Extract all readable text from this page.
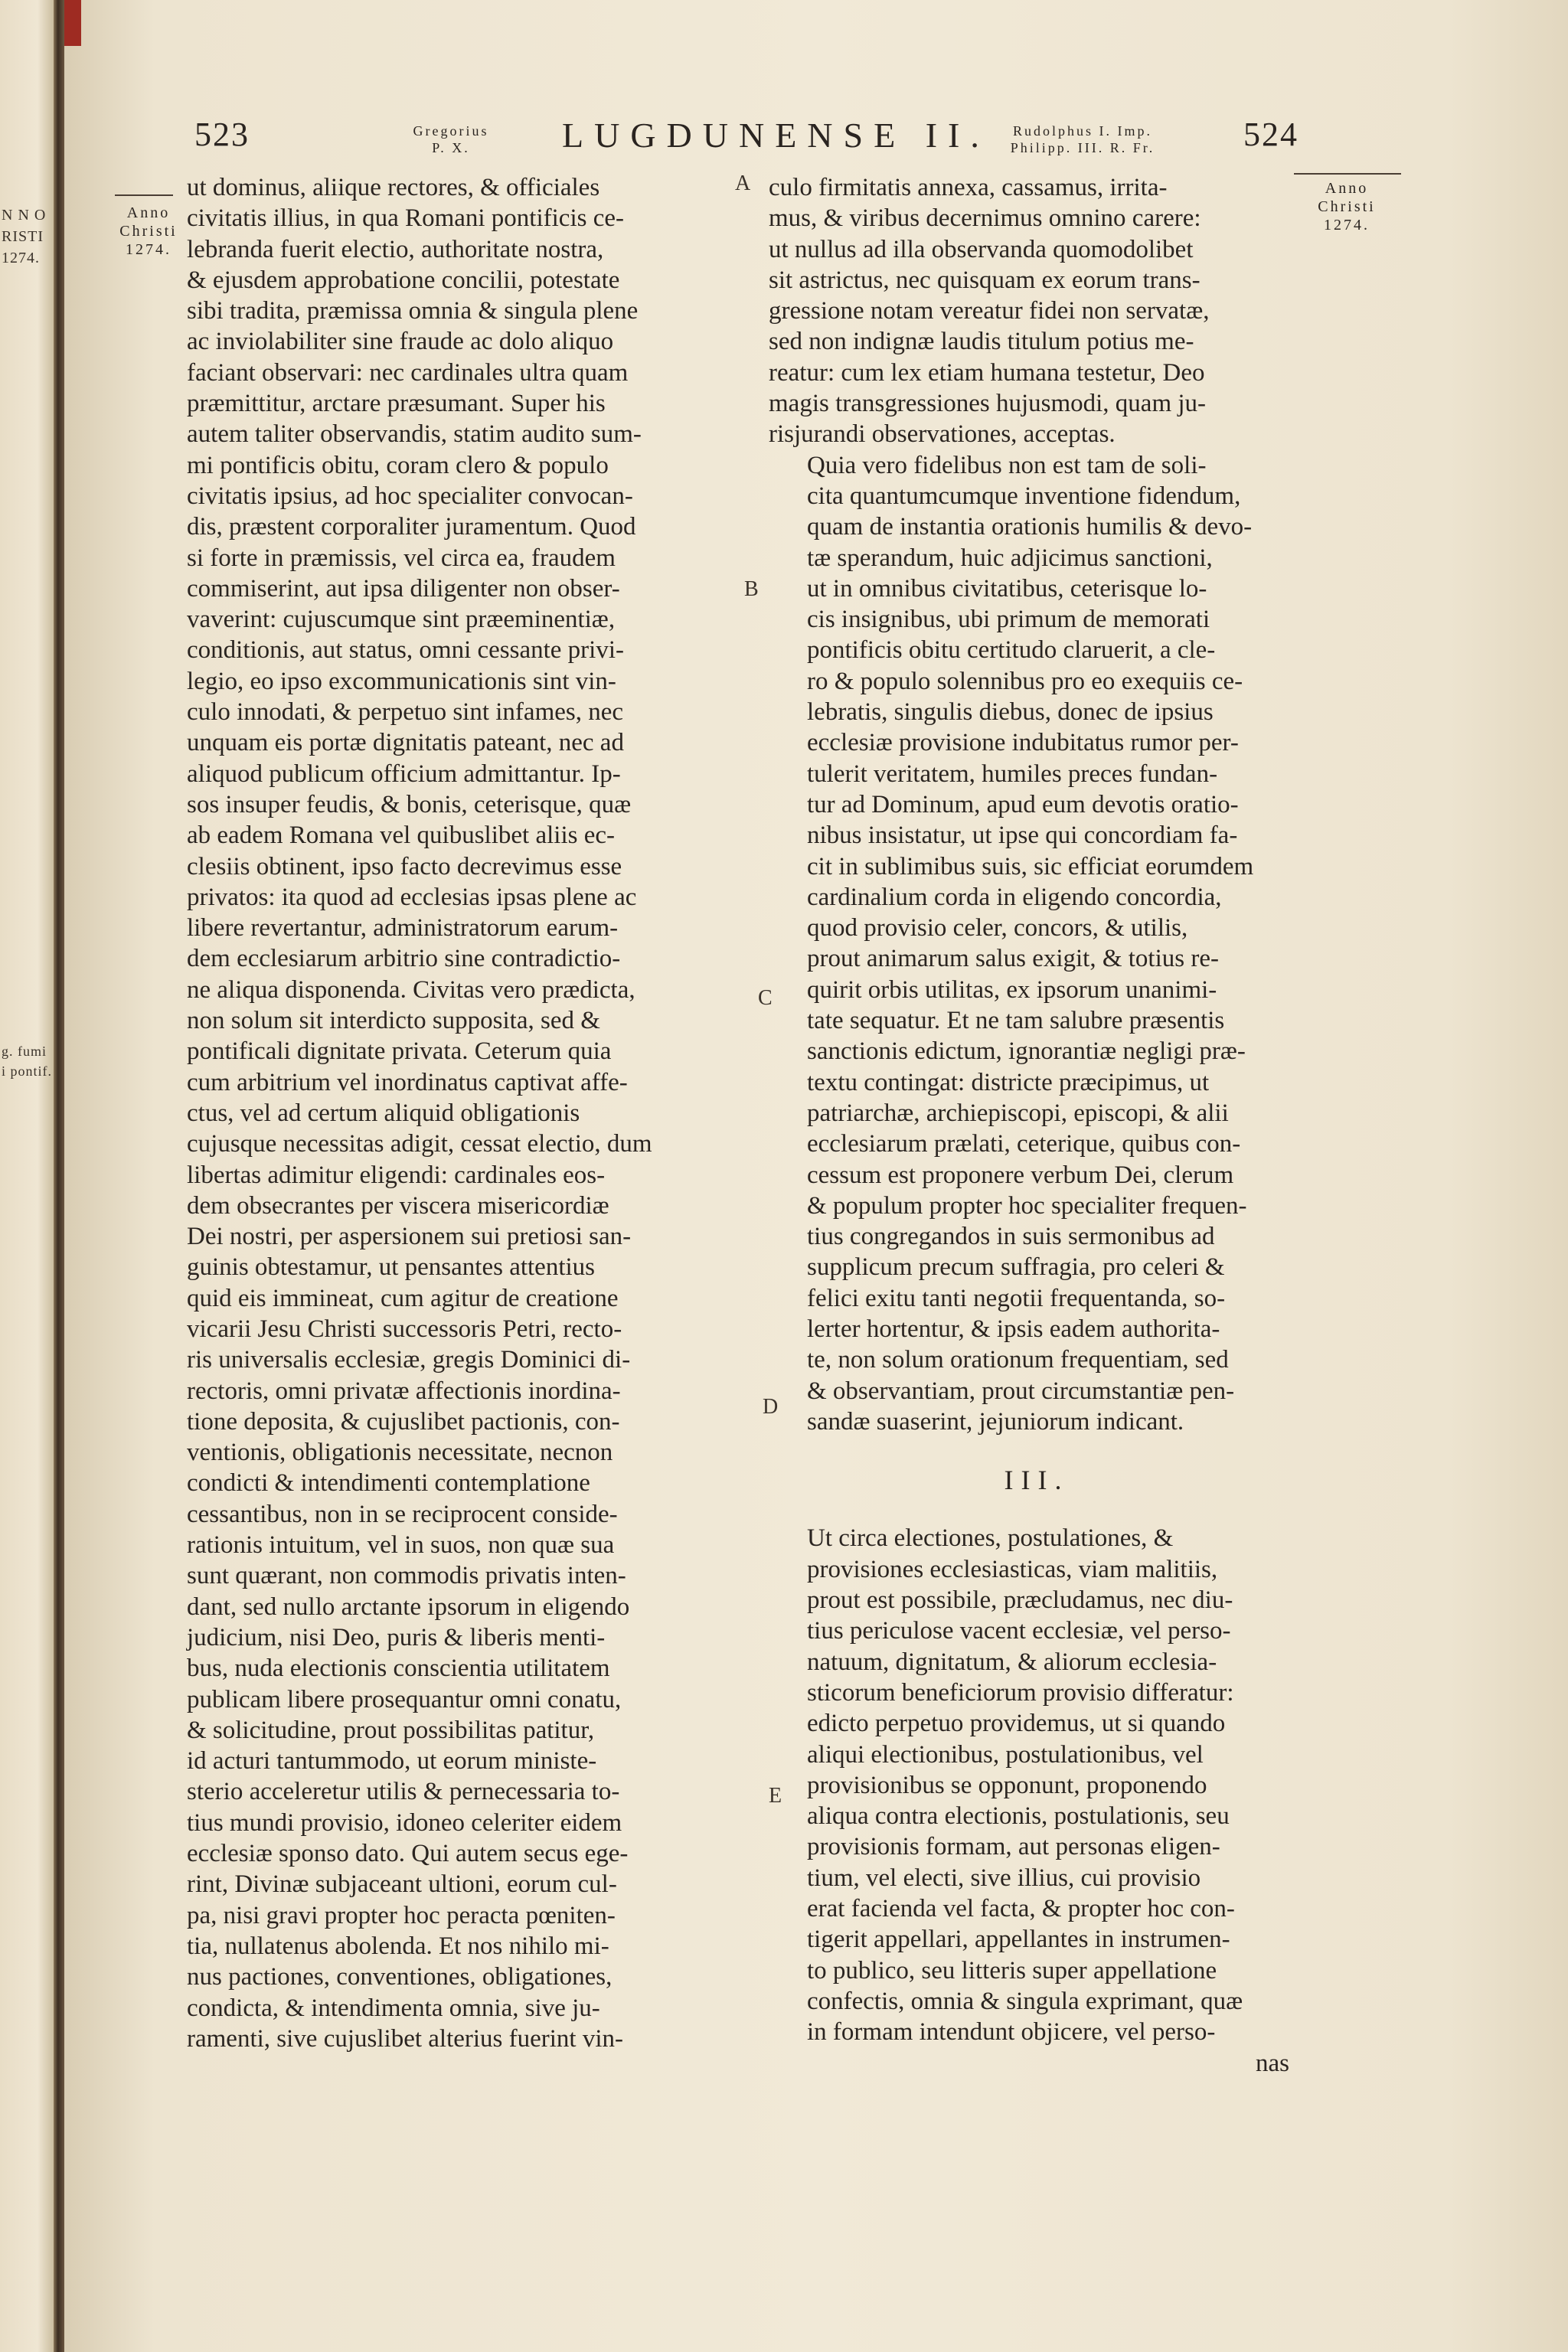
N N O
RISTI
1274.
g. fumi
i pontif.
523	Gregorius
P. X.	LUGDUNENSE II.	Rudolphus I. Imp.
Philipp. III. R. Fr.	524
Anno
Christi
1274.
Anno
Christi
1274.
A
B
C
D
E
ut dominus, aliique rectores, & officiales
civitatis illius, in qua Romani pontificis ce-
lebranda fuerit electio, authoritate nostra,
& ejusdem approbatione concilii, potestate
sibi tradita, præmissa omnia & singula plene
ac inviolabiliter sine fraude ac dolo aliquo
faciant observari: nec cardinales ultra quam
præmittitur, arctare præsumant. Super his
autem taliter observandis, statim audito sum-
mi pontificis obitu, coram clero & populo
civitatis ipsius, ad hoc specialiter convocan-
dis, præstent corporaliter juramentum. Quod
si forte in præmissis, vel circa ea, fraudem
commiserint, aut ipsa diligenter non obser-
vaverint: cujuscumque sint præeminentiæ,
conditionis, aut status, omni cessante privi-
legio, eo ipso excommunicationis sint vin-
culo innodati, & perpetuo sint infames, nec
unquam eis portæ dignitatis pateant, nec ad
aliquod publicum officium admittantur. Ip-
sos insuper feudis, & bonis, ceterisque, quæ
ab eadem Romana vel quibuslibet aliis ec-
clesiis obtinent, ipso facto decrevimus esse
privatos: ita quod ad ecclesias ipsas plene ac
libere revertantur, administratorum earum-
dem ecclesiarum arbitrio sine contradictio-
ne aliqua disponenda. Civitas vero prædicta,
non solum sit interdicto supposita, sed &
pontificali dignitate privata. Ceterum quia
cum arbitrium vel inordinatus captivat affe-
ctus, vel ad certum aliquid obligationis
cujusque necessitas adigit, cessat electio, dum
libertas adimitur eligendi: cardinales eos-
dem obsecrantes per viscera misericordiæ
Dei nostri, per aspersionem sui pretiosi san-
guinis obtestamur, ut pensantes attentius
quid eis immineat, cum agitur de creatione
vicarii Jesu Christi successoris Petri, recto-
ris universalis ecclesiæ, gregis Dominici di-
rectoris, omni privatæ affectionis inordina-
tione deposita, & cujuslibet pactionis, con-
ventionis, obligationis necessitate, necnon
condicti & intendimenti contemplatione
cessantibus, non in se reciprocent conside-
rationis intuitum, vel in suos, non quæ sua
sunt quærant, non commodis privatis inten-
dant, sed nullo arctante ipsorum in eligendo
judicium, nisi Deo, puris & liberis menti-
bus, nuda electionis conscientia utilitatem
publicam libere prosequantur omni conatu,
& solicitudine, prout possibilitas patitur,
id acturi tantummodo, ut eorum ministe-
sterio acceleretur utilis & pernecessaria to-
tius mundi provisio, idoneo celeriter eidem
ecclesiæ sponso dato. Qui autem secus ege-
rint, Divinæ subjaceant ultioni, eorum cul-
pa, nisi gravi propter hoc peracta pœniten-
tia, nullatenus abolenda. Et nos nihilo mi-
nus pactiones, conventiones, obligationes,
condicta, & intendimenta omnia, sive ju-
ramenti, sive cujuslibet alterius fuerint vin-

culo firmitatis annexa, cassamus, irrita-
mus, & viribus decernimus omnino carere:
ut nullus ad illa observanda quomodolibet
sit astrictus, nec quisquam ex eorum trans-
gressione notam vereatur fidei non servatæ,
sed non indignæ laudis titulum potius me-
reatur: cum lex etiam humana testetur, Deo
magis transgressiones hujusmodi, quam ju-
risjurandi observationes, acceptas.

Quia vero fidelibus non est tam de soli-
cita quantumcumque inventione fidendum,
quam de instantia orationis humilis & devo-
tæ sperandum, huic adjicimus sanctioni,
ut in omnibus civitatibus, ceterisque lo-
cis insignibus, ubi primum de memorati
pontificis obitu certitudo claruerit, a cle-
ro & populo solennibus pro eo exequiis ce-
lebratis, singulis diebus, donec de ipsius
ecclesiæ provisione indubitatus rumor per-
tulerit veritatem, humiles preces fundan-
tur ad Dominum, apud eum devotis oratio-
nibus insistatur, ut ipse qui concordiam fa-
cit in sublimibus suis, sic efficiat eorumdem
cardinalium corda in eligendo concordia,
quod provisio celer, concors, & utilis,
prout animarum salus exigit, & totius re-
quirit orbis utilitas, ex ipsorum unanimi-
tate sequatur. Et ne tam salubre præsentis
sanctionis edictum, ignorantiæ negligi præ-
textu contingat: districte præcipimus, ut
patriarchæ, archiepiscopi, episcopi, & alii
ecclesiarum prælati, ceterique, quibus con-
cessum est proponere verbum Dei, clerum
& populum propter hoc specialiter frequen-
tius congregandos in suis sermonibus ad
supplicum precum suffragia, pro celeri &
felici exitu tanti negotii frequentanda, so-
lerter hortentur, & ipsis eadem authorita-
te, non solum orationum frequentiam, sed
& observantiam, prout circumstantiæ pen-
sandæ suaserint, jejuniorum indicant.

III.

Ut circa electiones, postulationes, &
provisiones ecclesiasticas, viam malitiis,
prout est possibile, præcludamus, nec diu-
tius periculose vacent ecclesiæ, vel perso-
natuum, dignitatum, & aliorum ecclesia-
sticorum beneficiorum provisio differatur:
edicto perpetuo providemus, ut si quando
aliqui electionibus, postulationibus, vel
provisionibus se opponunt, proponendo
aliqua contra electionis, postulationis, seu
provisionis formam, aut personas eligen-
tium, vel electi, sive illius, cui provisio
erat facienda vel facta, & propter hoc con-
tigerit appellari, appellantes in instrumen-
to publico, seu litteris super appellatione
confectis, omnia & singula exprimant, quæ
in formam intendunt objicere, vel perso-

nas
